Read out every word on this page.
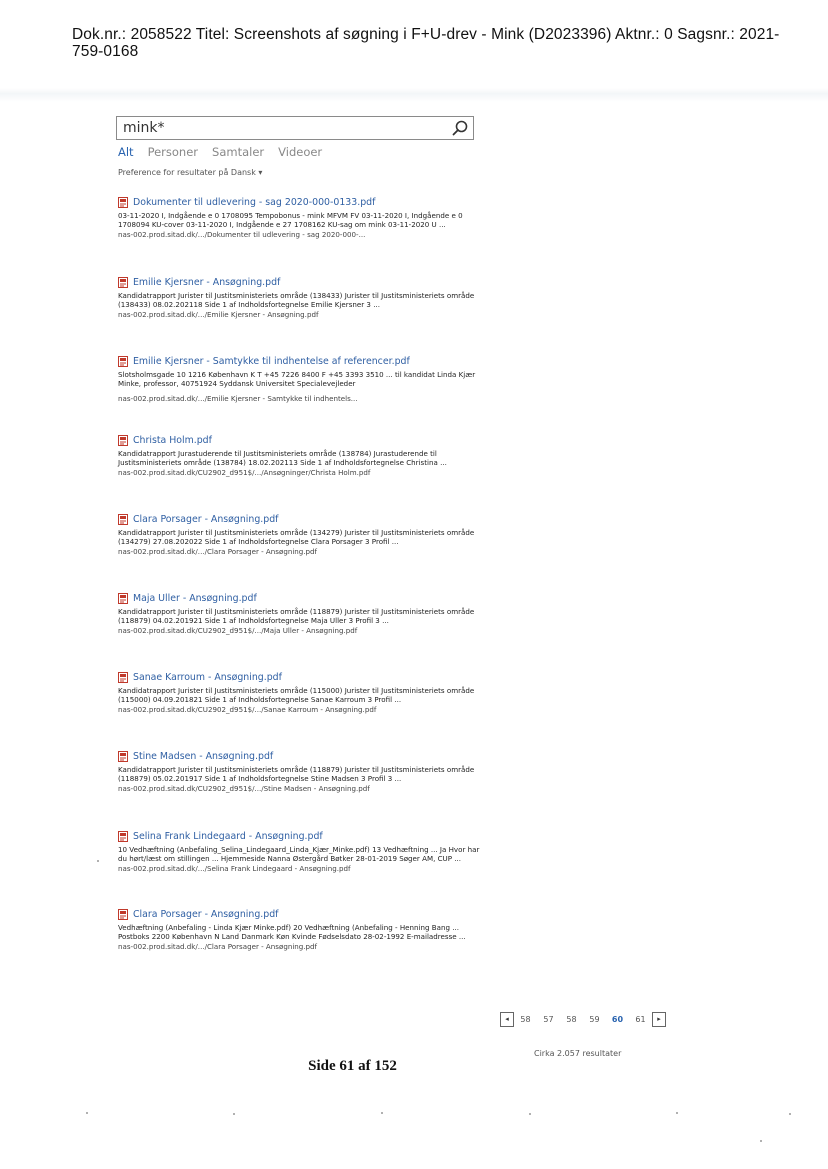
Dok.nr.: 2058522 Titel: Screenshots af søgning i F+U-drev - Mink (D2023396) Aktnr.: 0 Sagsnr.: 2021-759-0168
mink*
Alt Personer Samtaler Videoer
Preference for resultater på Dansk ▾
Dokumenter til udlevering - sag 2020-000-0133.pdf
03-11-2020 I, Indgående e 0 1708095 Tempobonus - mink MFVM FV 03-11-2020 I, Indgående e 0 1708094 KU-cover 03-11-2020 I, Indgående e 27 1708162 KU-sag om mink 03-11-2020 U ...
nas-002.prod.sitad.dk/.../Dokumenter til udlevering - sag 2020-000-...
Emilie Kjersner - Ansøgning.pdf
Kandidatrapport Jurister til Justitsministeriets område (138433) Jurister til Justitsministeriets område (138433) 08.02.202118 Side 1 af Indholdsfortegnelse Emilie Kjersner 3 ...
nas-002.prod.sitad.dk/.../Emilie Kjersner - Ansøgning.pdf
Emilie Kjersner - Samtykke til indhentelse af referencer.pdf
Slotsholmsgade 10 1216 København K T +45 7226 8400 F +45 3393 3510 ... til kandidat Linda Kjær Minke, professor, 40751924 Syddansk Universitet Specialevejleder
nas-002.prod.sitad.dk/.../Emilie Kjersner - Samtykke til indhentels...
Christa Holm.pdf
Kandidatrapport Jurastuderende til Justitsministeriets område (138784) Jurastuderende til Justitsministeriets område (138784) 18.02.202113 Side 1 af Indholdsfortegnelse Christina ...
nas-002.prod.sitad.dk/CU2902_d951$/.../Ansøgninger/Christa Holm.pdf
Clara Porsager - Ansøgning.pdf
Kandidatrapport Jurister til Justitsministeriets område (134279) Jurister til Justitsministeriets område (134279) 27.08.202022 Side 1 af Indholdsfortegnelse Clara Porsager 3 Profil ...
nas-002.prod.sitad.dk/.../Clara Porsager - Ansøgning.pdf
Maja Uller - Ansøgning.pdf
Kandidatrapport Jurister til Justitsministeriets område (118879) Jurister til Justitsministeriets område (118879) 04.02.201921 Side 1 af Indholdsfortegnelse Maja Uller 3 Profil 3 ...
nas-002.prod.sitad.dk/CU2902_d951$/.../Maja Uller - Ansøgning.pdf
Sanae Karroum - Ansøgning.pdf
Kandidatrapport Jurister til Justitsministeriets område (115000) Jurister til Justitsministeriets område (115000) 04.09.201821 Side 1 af Indholdsfortegnelse Sanae Karroum 3 Profil ...
nas-002.prod.sitad.dk/CU2902_d951$/.../Sanae Karroum - Ansøgning.pdf
Stine Madsen - Ansøgning.pdf
Kandidatrapport Jurister til Justitsministeriets område (118879) Jurister til Justitsministeriets område (118879) 05.02.201917 Side 1 af Indholdsfortegnelse Stine Madsen 3 Profil 3 ...
nas-002.prod.sitad.dk/CU2902_d951$/.../Stine Madsen - Ansøgning.pdf
Selina Frank Lindegaard - Ansøgning.pdf
10 Vedhæftning (Anbefaling_Selina_Lindegaard_Linda_Kjær_Minke.pdf) 13 Vedhæftning ... Ja Hvor har du hørt/læst om stillingen ... Hjemmeside Nanna Østergård Bøtker 28-01-2019 Søger AM, CUP ...
nas-002.prod.sitad.dk/.../Selina Frank Lindegaard - Ansøgning.pdf
Clara Porsager - Ansøgning.pdf
Vedhæftning (Anbefaling - Linda Kjær Minke.pdf) 20 Vedhæftning (Anbefaling - Henning Bang ... Postboks 2200 København N Land Danmark Køn Kvinde Fødselsdato 28-02-1992 E-mailadresse ...
nas-002.prod.sitad.dk/.../Clara Porsager - Ansøgning.pdf
◂	58	57	58	59	60	61	▸
Cirka 2.057 resultater
Side 61 af 152
